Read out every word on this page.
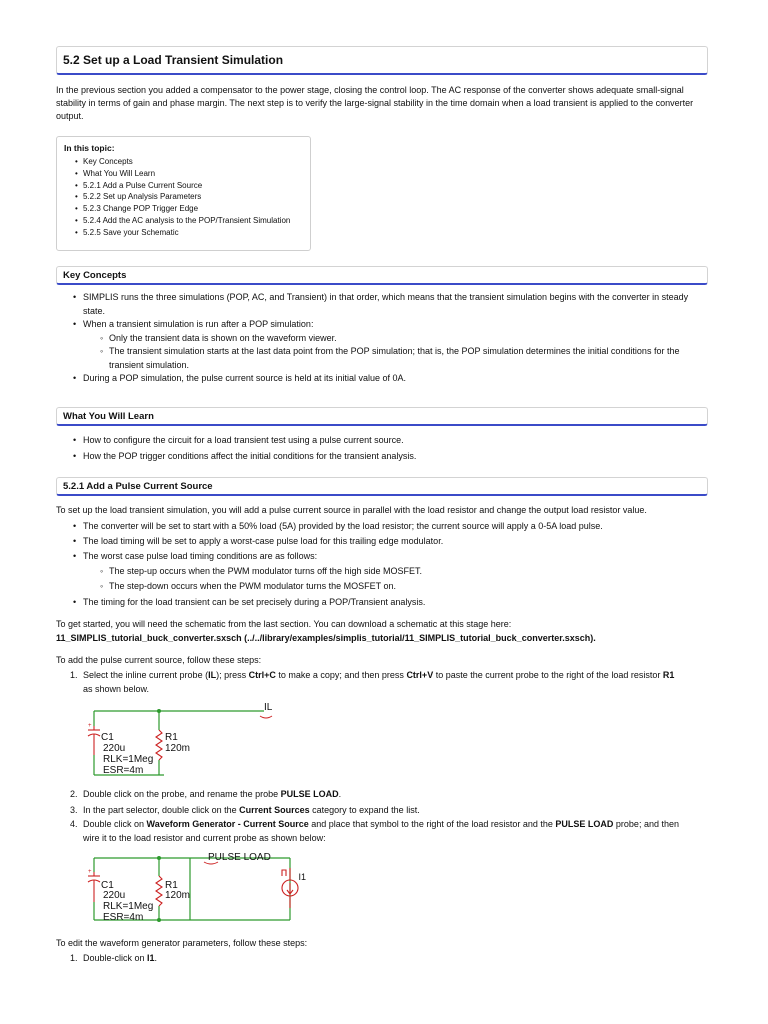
5.2 Set up a Load Transient Simulation

In the previous section you added a compensator to the power stage, closing the control loop. The AC response of the converter shows adequate small-signal stability in terms of gain and phase margin. The next step is to verify the large-signal stability in the time domain when a load transient is applied to the converter output.

In this topic:
• Key Concepts
• What You Will Learn
• 5.2.1 Add a Pulse Current Source
• 5.2.2 Set up Analysis Parameters
• 5.2.3 Change POP Trigger Edge
• 5.2.4 Add the AC analysis to the POP/Transient Simulation
• 5.2.5 Save your Schematic
Key Concepts
• SIMPLIS runs the three simulations (POP, AC, and Transient) in that order, which means that the transient simulation begins with the converter in steady state.
• When a transient simulation is run after a POP simulation:
◦ Only the transient data is shown on the waveform viewer.
◦ The transient simulation starts at the last data point from the POP simulation; that is, the POP simulation determines the initial conditions for the transient simulation.
• During a POP simulation, the pulse current source is held at its initial value of 0A.
What You Will Learn
• How to configure the circuit for a load transient test using a pulse current source.
• How the POP trigger conditions affect the initial conditions for the transient analysis.
5.2.1 Add a Pulse Current Source

To set up the load transient simulation, you will add a pulse current source in parallel with the load resistor and change the output load resistor value.

• The converter will be set to start with a 50% load (5A) provided by the load resistor; the current source will apply a 0-5A load pulse.
• The load timing will be set to apply a worst-case pulse load for this trailing edge modulator.
• The worst case pulse load timing conditions are as follows:
◦ The step-up occurs when the PWM modulator turns off the high side MOSFET.
◦ The step-down occurs when the PWM modulator turns the MOSFET on.
• The timing for the load transient can be set precisely during a POP/Transient analysis.

To get started, you will need the schematic from the last section. You can download a schematic at this stage here:

11_SIMPLIS_tutorial_buck_converter.sxsch (../../library/examples/simplis_tutorial/11_SIMPLIS_tutorial_buck_converter.sxsch).

To add the pulse current source, follow these steps:

1. Select the inline current probe (IL); press Ctrl+C to make a copy; and then press Ctrl+V to paste the current probe to the right of the load resistor R1
as shown below.
+
IL
C1
220u
RLK=1Meg
ESR=4m
R1
120m
2. Double click on the probe, and rename the probe PULSE LOAD.
3. In the part selector, double click on the Current Sources category to expand the list.
4. Double click on Waveform Generator - Current Source and place that symbol to the right of the load resistor and the PULSE LOAD probe; and then
wire it to the load resistor and current probe as shown below:
+
PULSE LOAD
I1
C1
220u
RLK=1Meg
ESR=4m
R1
120m

To edit the waveform generator parameters, follow these steps:

1. Double-click on I1.
